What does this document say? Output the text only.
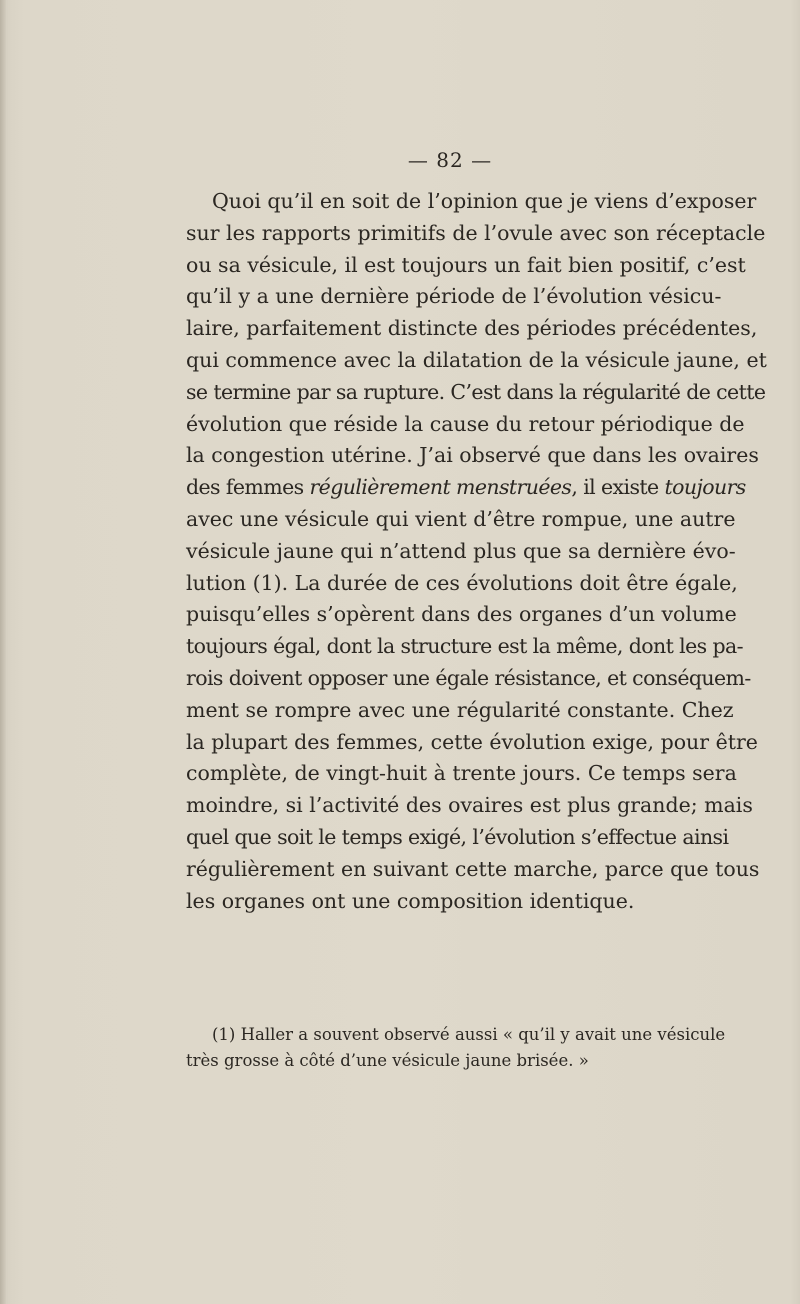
— 82 —

Quoi qu’il en soit de l’opinion que je viens d’exposer
sur les rapports primitifs de l’ovule avec son réceptacle
ou sa vésicule, il est toujours un fait bien positif, c’est
qu’il y a une dernière période de l’évolution vésicu-
laire, parfaitement distincte des périodes précédentes,
qui commence avec la dilatation de la vésicule jaune, et
se termine par sa rupture. C’est dans la régularité de cette
évolution que réside la cause du retour périodique de
la congestion utérine. J’ai observé que dans les ovaires
des femmes régulièrement menstruées, il existe toujours
avec une vésicule qui vient d’être rompue, une autre
vésicule jaune qui n’attend plus que sa dernière évo-
lution (1). La durée de ces évolutions doit être égale,
puisqu’elles s’opèrent dans des organes d’un volume
toujours égal, dont la structure est la même, dont les pa-
rois doivent opposer une égale résistance, et conséquem-
ment se rompre avec une régularité constante. Chez
la plupart des femmes, cette évolution exige, pour être
complète, de vingt-huit à trente jours. Ce temps sera
moindre, si l’activité des ovaires est plus grande; mais
quel que soit le temps exigé, l’évolution s’effectue ainsi
régulièrement en suivant cette marche, parce que tous
les organes ont une composition identique.

(1) Haller a souvent observé aussi « qu’il y avait une vésicule
très grosse à côté d’une vésicule jaune brisée. »
